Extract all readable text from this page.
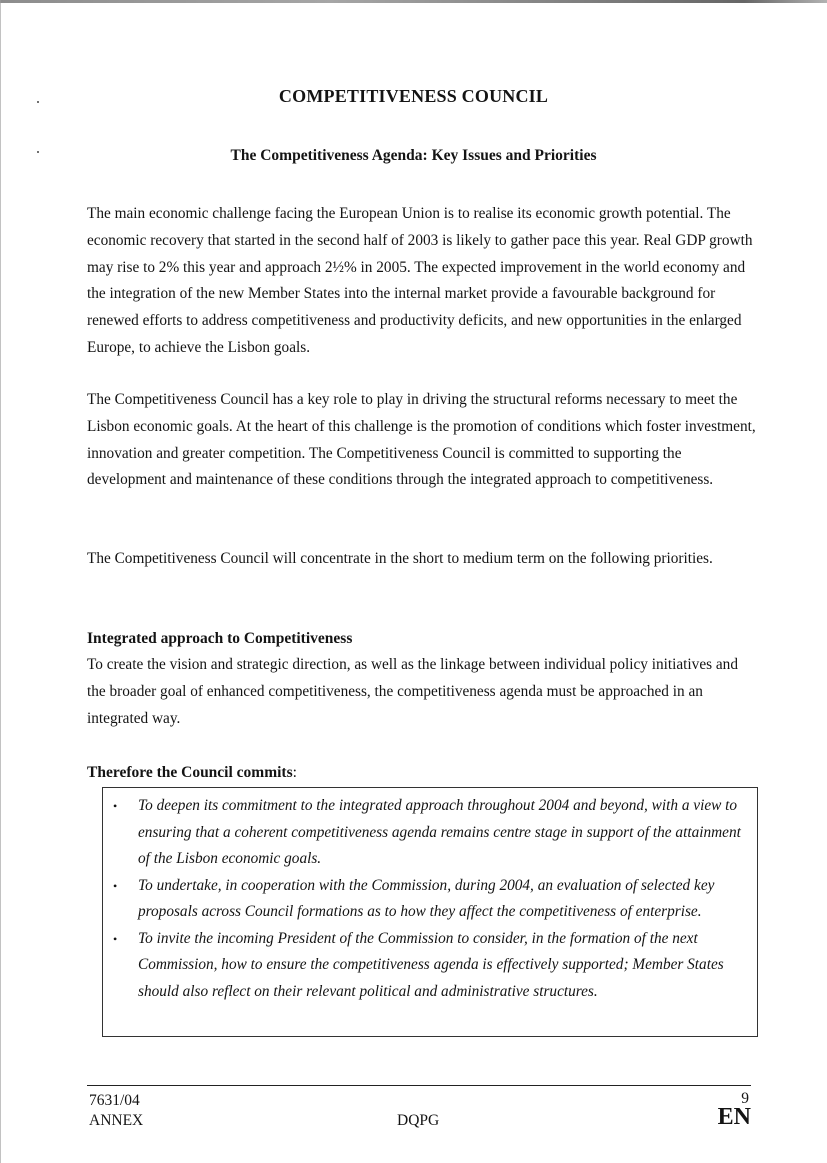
COMPETITIVENESS COUNCIL
The Competitiveness Agenda: Key Issues and Priorities

The main economic challenge facing the European Union is to realise its economic growth potential. The economic recovery that started in the second half of 2003 is likely to gather pace this year. Real GDP growth may rise to 2% this year and approach 2½% in 2005. The expected improvement in the world economy and the integration of the new Member States into the internal market provide a favourable background for renewed efforts to address competitiveness and productivity deficits, and new opportunities in the enlarged Europe, to achieve the Lisbon goals.

The Competitiveness Council has a key role to play in driving the structural reforms necessary to meet the Lisbon economic goals. At the heart of this challenge is the promotion of conditions which foster investment, innovation and greater competition. The Competitiveness Council is committed to supporting the development and maintenance of these conditions through the integrated approach to competitiveness.

The Competitiveness Council will concentrate in the short to medium term on the following priorities.

Integrated approach to Competitiveness

To create the vision and strategic direction, as well as the linkage between individual policy initiatives and the broader goal of enhanced competitiveness, the competitiveness agenda must be approached in an integrated way.

Therefore the Council commits:
• To deepen its commitment to the integrated approach throughout 2004 and beyond, with a view to ensuring that a coherent competitiveness agenda remains centre stage in support of the attainment of the Lisbon economic goals.
• To undertake, in cooperation with the Commission, during 2004, an evaluation of selected key proposals across Council formations as to how they affect the competitiveness of enterprise.
• To invite the incoming President of the Commission to consider, in the formation of the next Commission, how to ensure the competitiveness agenda is effectively supported; Member States should also reflect on their relevant political and administrative structures.
7631/04
ANNEX	DQPG
9
EN
